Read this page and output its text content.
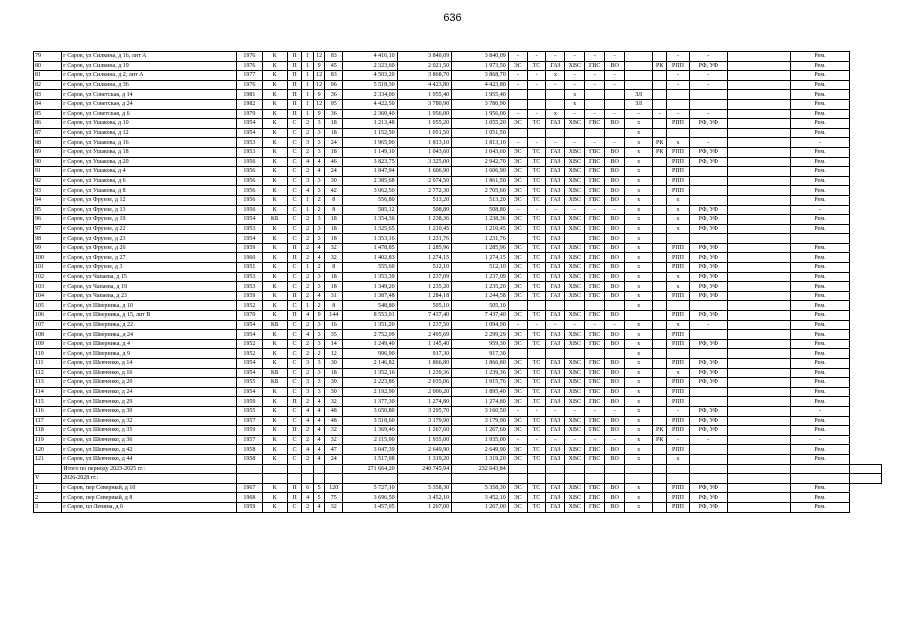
636
79	г Саров, ул Силкина, д 16, лит А	1976	К	П	1	12	83	4 416,10	3 840,09	3 840,09	-	-	-	-	-	-			-	-		Рем.	
80	г Саров, ул Силкина, д 19	1976	К	П	1	9	45	2 323,60	2 021,50	1 973,50	ЭС	ТС	ГАЗ	ХВС	ГВС	ВО		РК	РПП	РФ, УФ		Рем.	
81	г Саров, ул Силкина, д 2, лит А	1977	К	П	1	12	83	4 503,20	3 868,70	3 868,70	-	-	х	-	-	-			-	-		Рем.	
82	г Саров, ул Силкина, д 36	1976	К	П	1	12	96	5 518,30	4 423,80	4 423,80	-	-	-	-	-	-			-	-		Рем.	
83	г Саров, ул Советская, д 14	1981	К	П	1	9	36	2 334,00	1 955,40	1 955,40				х			ЗЛ					Рем.	
84	г Саров, ул Советская, д 24	1982	К	П	1	12	95	4 422,50	3 780,90	3 780,90				х			ЗЛ					Рем.	
85	г Саров, ул Советская, д 6	1979	К	П	1	9	36	2 360,40	1 956,00	1 956,00	-	-	х	-	-	-	-	-	-	-		Рем.	
86	г Саров, ул Ушакова, д 10	1954	К	С	2	3	18	1 213,48	1 055,20	1 055,20	ЭС	ТС	ГАЗ	ХВС	ГВС	ВО	х		РПП	РФ, УФ		Рем.	
87	г Саров, ул Ушакова, д 12	1954	К	С	2	3	18	1 152,50	1 051,50	1 051,50							х					Рем.	
88	г Саров, ул Ушакова, д 16	1953	К	С	3	3	24	1 965,90	1 813,10	1 813,10	-	-	-	-	-	-	х	РК	х	-		-	
89	г Саров, ул Ушакова, д 18	1953	К	С	2	3	18	1 149,10	1 043,60	1 043,60	ЭС	ТС	ГАЗ	ХВС	ГВС	ВО	х	РК	РПП	РФ, УФ		Рем.	
90	г Саров, ул Ушакова, д 20	1956	К	С	4	4	46	3 823,75	3 325,00	2 942,70	ЭС	ТС	ГАЗ	ХВС	ГВС	ВО	х		РПП	РФ, УФ		Рем.	
91	г Саров, ул Ушакова, д 4	1956	К	С	2	4	24	1 847,94	1 606,90	1 606,90	ЭС	ТС	ГАЗ	ХВС	ГВС	ВО	х		РПП			Рем.	
92	г Саров, ул Ушакова, д 6	1956	К	С	3	3	30	2 385,68	2 074,50	1 861,50	ЭС	ТС	ГАЗ	ХВС	ГВС	ВО	х		РПП			Рем.	
93	г Саров, ул Ушакова, д 8	1956	К	С	4	3	42	3 062,50	2 772,30	2 705,60	ЭС	ТС	ГАЗ	ХВС	ГВС	ВО	х		РПП			Рем.	
94	г Саров, ул Фрунзе, д 12	1956	К	С	1	2	8	556,80	513,20	513,20	ЭС	ТС	ГАЗ	ХВС	ГВС	ВО	х		х			Рем.	
95	г Саров, ул Фрунзе, д 13	1956	К	С	1	2	8	585,12	508,80	508,80	-	-	-	-	-	-	х		х	РФ, УФ		-	
96	г Саров, ул Фрунзе, д 19	1954	КБ	С	2	3	18	1 354,36	1 238,36	1 238,36	ЭС	ТС	ГАЗ	ХВС	ГВС	ВО	х		х	РФ, УФ		Рем.	
97	г Саров, ул Фрунзе, д 22	1953	К	С	2	3	18	1 325,65	1 210,45	1 210,45	ЭС	ТС	ГАЗ	ХВС	ГВС	ВО	х		х	РФ, УФ		Рем.	
98	г Саров, ул Фрунзе, д 23	1954	К	С	2	3	18	1 353,16	1 231,76	1 231,76		ТС	ГАЗ		ГВС	ВО	х						
99	г Саров, ул Фрунзе, д 26	1959	К	П	2	4	32	1 478,85	1 285,96	1 285,96	ЭС	ТС	ГАЗ	ХВС	ГВС	ВО	х		РПП	РФ, УФ		Рем.	
100	г Саров, ул Фрунзе, д 27	1960	К	П	2	4	32	1 402,83	1 274,15	1 274,15	ЭС	ТС	ГАЗ	ХВС	ГВС	ВО	х		РПП	РФ, УФ		Рем.	
101	г Саров, ул Фрунзе, д 3	1951	К	С	1	2	8	555,60	512,10	512,10	ЭС	ТС	ГАЗ	ХВС	ГВС	ВО	х		РПП	РФ, УФ		Рем.	
102	г Саров, ул Чапаева, д 15	1953	К	С	2	3	18	1 353,39	1 237,09	1 237,09	ЭС	ТС	ГАЗ	ХВС	ГВС	ВО	х		х	РФ, УФ		Рем.	
103	г Саров, ул Чапаева, д 19	1953	К	С	2	3	18	1 349,20	1 235,20	1 235,20	ЭС	ТС	ГАЗ	ХВС	ГВС	ВО	х		х	РФ, УФ		Рем.	
104	г Саров, ул Чапаева, д 23	1959	К	П	2	4	31	1 387,48	1 284,18	1 244,58	ЭС	ТС	ГАЗ	ХВС	ГВС	ВО	х		РПП	РФ, УФ		Рем.	
105	г Саров, ул Шверника, д 10	1952	К	С	1	2	8	548,80	505,10	505,10							х					Рем.	
106	г Саров, ул Шверника, д 15, лит В	1970	К	П	4	9	144	8 553,01	7 437,40	7 437,40	ЭС	ТС	ГАЗ	ХВС	ГВС	ВО			РПП	РФ, УФ		Рем.	
107	г Саров, ул Шверника, д 22	1954	КБ	С	2	3	16	1 351,20	1 237,50	1 094,90	-	-	-	-	-	-	х		х	-		Рем.	
108	г Саров, ул Шверника, д 24	1954	К	С	4	3	35	2 752,09	2 495,69	2 299,29	ЭС	ТС	ГАЗ	ХВС	ГВС	ВО	х		РПП			Рем.	
109	г Саров, ул Шверника, д 4	1952	К	С	2	3	14	1 249,40	1 145,40	959,30	ЭС	ТС	ГАЗ	ХВС	ГВС	ВО	х		РПП	РФ, УФ		Рем.	
110	г Саров, ул Шверника, д 9	1952	К	С	2	2	12	996,90	917,30	917,30							х					Рем.	
111	г Саров, ул Шевченко, д 14	1954	К	С	3	3	30	2 146,82	1 866,80	1 866,80	ЭС	ТС	ГАЗ	ХВС	ГВС	ВО	х		РПП	РФ, УФ		Рем.	
112	г Саров, ул Шевченко, д 16	1954	КБ	С	2	3	18	1 352,16	1 239,36	1 239,36	ЭС	ТС	ГАЗ	ХВС	ГВС	ВО	х		х	РФ, УФ		Рем.	
113	г Саров, ул Шевченко, д 20	1955	КБ	С	3	3	30	2 223,86	2 035,06	1 915,76	ЭС	ТС	ГАЗ	ХВС	ГВС	ВО	х		РПП	РФ, УФ		Рем.	
114	г Саров, ул Шевченко, д 24	1954	К	С	3	3	30	2 192,90	2 006,20	1 895,40	ЭС	ТС	ГАЗ	ХВС	ГВС	ВО	х		РПП			Рем.	
115	г Саров, ул Шевченко, д 29	1959	К	П	2	4	32	1 377,30	1 274,80	1 274,80	ЭС	ТС	ГАЗ	ХВС	ГВС	ВО	х		РПП			Рем.	
116	г Саров, ул Шевченко, д 30	1955	К	С	4	4	48	3 650,80	3 295,70	3 160,50	-	-	-	-	-	-	х		-	РФ, УФ		-	
117	г Саров, ул Шевченко, д 32	1957	К	С	4	4	48	3 518,60	3 179,90	3 179,90	ЭС	ТС	ГАЗ	ХВС	ГВС	ВО	х		РПП	РФ, УФ		Рем.	
118	г Саров, ул Шевченко, д 35	1959	К	П	2	4	32	1 369,40	1 267,60	1 267,60	ЭС	ТС	ГАЗ	ХВС	ГВС	ВО	х	РК	РПП	РФ, УФ		Рем.	
119	г Саров, ул Шевченко, д 36	1957	К	С	2	4	32	2 115,90	1 935,00	1 935,00	-	-	-	-	-	-	х	РК	-	-		-	
120	г Саров, ул Шевченко, д 42	1958	К	С	4	4	47	3 047,39	2 649,90	2 649,90	ЭС	ТС	ГАЗ	ХВС	ГВС	ВО	х		РПП			Рем.	
121	г Саров, ул Шевченко, д 44	1958	К	С	2	4	24	1 517,08	1 319,20	1 319,20	ЭС	ТС	ГАЗ	ХВС	ГВС	ВО	х		х			Рем.	
	Итого по периоду 2023-2025 гг.:							271 664,20	240 745,94	232 643,84													
V	2026-2028 гг.:																						
1	г Саров, пер Северный, д 10	1967	К	П	6	5	120	5 727,10	5 358,30	5 358,30	ЭС	ТС	ГАЗ	ХВС	ГВС	ВО	х		РПП	РФ, УФ		Рем.	
2	г Саров, пер Северный, д 8	1968	К	П	4	5	75	3 696,50	3 452,10	3 452,10	ЭС	ТС	ГАЗ	ХВС	ГВС	ВО	х		РПП	РФ, УФ		Рем.	
3	г Саров, пл Ленина, д 6	1959	К	С	2	4	32	1 457,05	1 267,00	1 267,00	ЭС	ТС	ГАЗ	ХВС	ГВС	ВО	х		РПП	РФ, УФ		Рем.	
